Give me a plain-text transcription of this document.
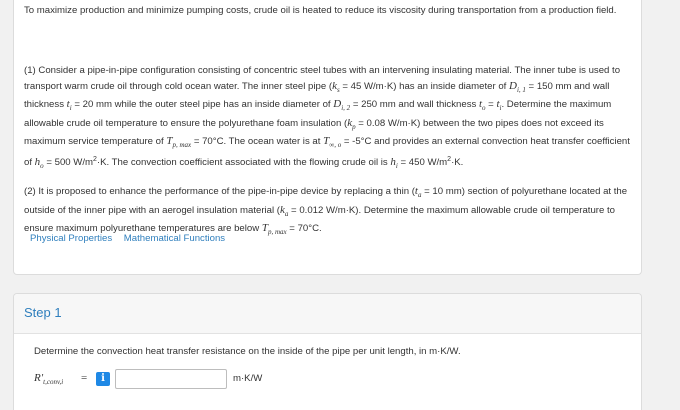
To maximize production and minimize pumping costs, crude oil is heated to reduce its viscosity during transportation from a production field.

(1) Consider a pipe-in-pipe configuration consisting of concentric steel tubes with an intervening insulating material. The inner tube is used to transport warm crude oil through cold ocean water. The inner steel pipe ($k_s = 45$ W/m·K) has an inside diameter of $D_{i, 1} = 150$ mm and wall thickness $t_i = 20$ mm while the outer steel pipe has an inside diameter of $D_{i, 2} = 250$ mm and wall thickness $t_o = t_i$. Determine the maximum allowable crude oil temperature to ensure the polyurethane foam insulation ($k_p = 0.08$ W/m·K) between the two pipes does not exceed its maximum service temperature of $T_{p, max} = 70^\circ C$. The ocean water is at $T_{\infty, o} = -5^\circ C$ and provides an external convection heat transfer coefficient of $h_o = 500$ $W/m^2\cdot K$. The convection coefficient associated with the flowing crude oil is $h_i = 450$ $W/m^2\cdot K$.

(2) It is proposed to enhance the performance of the pipe-in-pipe device by replacing a thin ($t_a = 10$ mm) section of polyurethane located at the outside of the inner pipe with an aerogel insulation material ($k_a = 0.012$ W/m·K). Determine the maximum allowable crude oil temperature to ensure maximum polyurethane temperatures are below $T_{p, max} = 70^\circ C$.

Physical Properties Mathematical Functions
Step 1
Determine the convection heat transfer resistance on the inside of the pipe per unit length, in m·K/W.
$R'_{t,conv,i}$ =	i	m·K/W
